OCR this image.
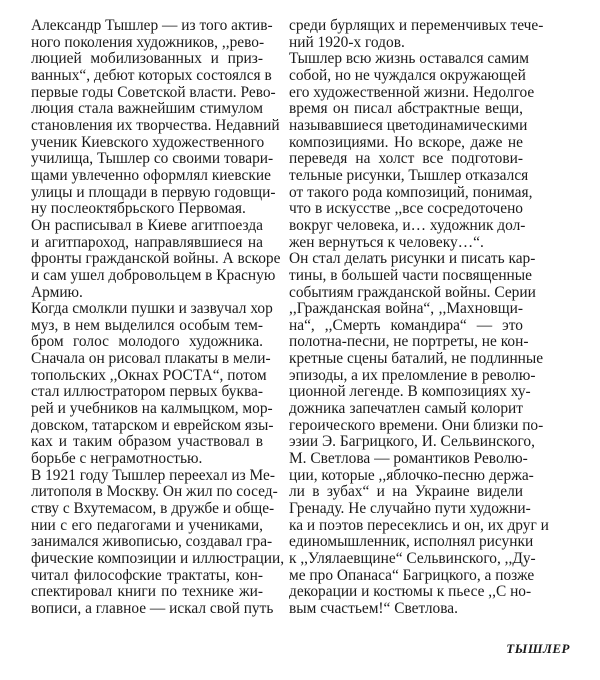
Александр Тышлер — из того актив-
ного поколения художников, ,,рево-
люцией мобилизованных и приз-
ванных“, дебют которых состоялся в
первые годы Советской власти. Рево-
люция стала важнейшим стимулом
становления их творчества. Недавний
ученик Киевского художественного
училища, Тышлер со своими товари-
щами увлеченно оформлял киевские
улицы и площади в первую годовщи-
ну послеоктябрьского Первомая.
Он расписывал в Киеве агитпоезда
и агитпароход, направлявшиеся на
фронты гражданской войны. А вскоре
и сам ушел добровольцем в Красную
Армию.
Когда смолкли пушки и зазвучал хор
муз, в нем выделился особым тем-
бром голос молодого художника.
Сначала он рисовал плакаты в мели-
топольских ,,Окнах РОСТА“, потом
стал иллюстратором первых буква-
рей и учебников на калмыцком, мор-
довском, татарском и еврейском язы-
ках и таким образом участвовал в
борьбе с неграмотностью.
В 1921 году Тышлер переехал из Ме-
литополя в Москву. Он жил по сосед-
ству с Вхутемасом, в дружбе и обще-
нии с его педагогами и учениками,
занимался живописью, создавал гра-
фические композиции и иллюстрации,
читал философские трактаты, кон-
спектировал книги по технике жи-
вописи, а главное — искал свой путь
среди бурлящих и переменчивых тече-
ний 1920-х годов.
Тышлер всю жизнь оставался самим
собой, но не чуждался окружающей
его художественной жизни. Недолгое
время он писал абстрактные вещи,
называвшиеся цветодинамическими
композициями. Но вскоре, даже не
переведя на холст все подготови-
тельные рисунки, Тышлер отказался
от такого рода композиций, понимая,
что в искусстве ,,все сосредоточено
вокруг человека, и… художник дол-
жен вернуться к человеку…“.
Он стал делать рисунки и писать кар-
тины, в большей части посвященные
событиям гражданской войны. Серии
,,Гражданская война“, ,,Махновщи-
на“, ,,Смерть командира“ — это
полотна-песни, не портреты, не кон-
кретные сцены баталий, не подлинные
эпизоды, а их преломление в револю-
ционной легенде. В композициях ху-
дожника запечатлен самый колорит
героического времени. Они близки по-
эзии Э. Багрицкого, И. Сельвинского,
М. Светлова — романтиков Револю-
ции, которые ,,яблочко-песню держа-
ли в зубах“ и на Украине видели
Гренаду. Не случайно пути художни-
ка и поэтов пересеклись и он, их друг и
единомышленник, исполнял рисунки
к ,,Улялаевщине“ Сельвинского, ,,Ду-
ме про Опанаса“ Багрицкого, а позже
декорации и костюмы к пьесе ,,С но-
вым счастьем!“ Светлова.
ТЫШЛЕР
